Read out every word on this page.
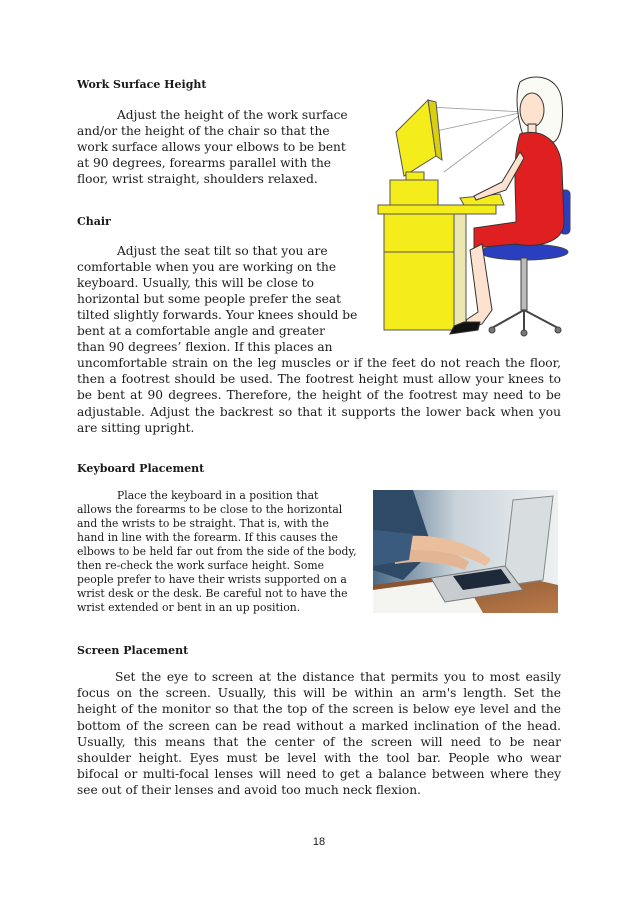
Work Surface Height
Adjust the height of the work surface
and/or the height of the chair so that the
work surface allows your elbows to be bent
at 90 degrees, forearms parallel with the
floor, wrist straight, shoulders relaxed.
Chair
Adjust the seat tilt so that you are
comfortable when you are working on the
keyboard. Usually, this will be close to
horizontal but some people prefer the seat
tilted slightly forwards. Your knees should be
bent at a comfortable angle and greater
than 90 degrees’ flexion. If this places an
uncomfortable strain on the leg muscles or if the feet do not reach the floor, then a footrest should be used. The footrest height must allow your knees to be bent at 90 degrees. Therefore, the height of the footrest may need to be adjustable. Adjust the backrest so that it supports the lower back when you are sitting upright.
Keyboard Placement
Place the keyboard in a position that
allows the forearms to be close to the horizontal
and the wrists to be straight. That is, with the
hand in line with the forearm. If this causes the
elbows to be held far out from the side of the body,
then re-check the work surface height. Some
people prefer to have their wrists supported on a
wrist desk or the desk. Be careful not to have the
wrist extended or bent in an up position.
Screen Placement
Set the eye to screen at the distance that permits you to most easily focus on the screen. Usually, this will be within an arm's length. Set the height of the monitor so that the top of the screen is below eye level and the bottom of the screen can be read without a marked inclination of the head. Usually, this means that the center of the screen will need to be near shoulder height. Eyes must be level with the tool bar. People who wear bifocal or multi-focal lenses will need to get a balance between where they see out of their lenses and avoid too much neck flexion.
18
